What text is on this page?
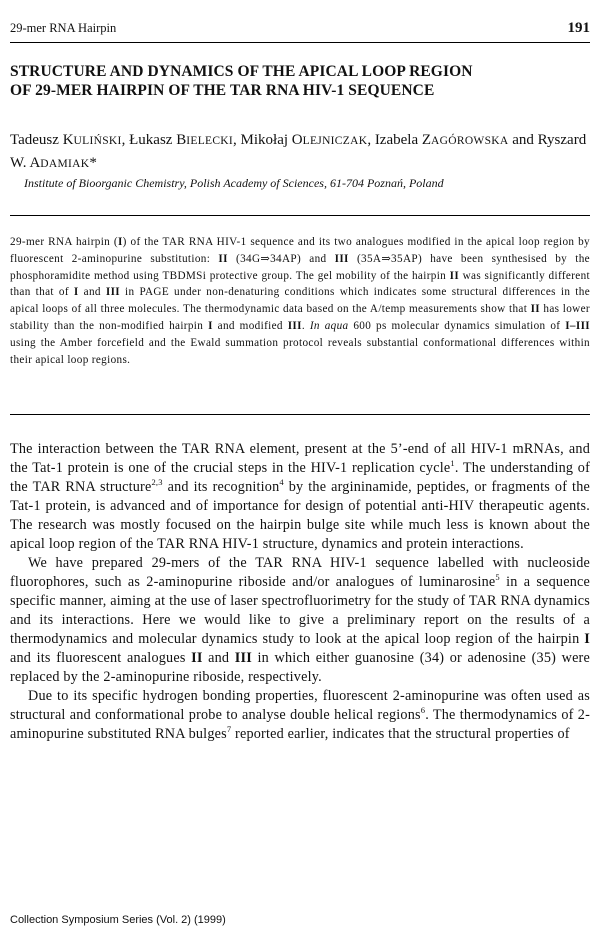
29-mer RNA Hairpin	191
STRUCTURE AND DYNAMICS OF THE APICAL LOOP REGION
OF 29-MER HAIRPIN OF THE TAR RNA HIV-1 SEQUENCE
Tadeusz KULIŃSKI, Łukasz BIELECKI, Mikołaj OLEJNICZAK, Izabela ZAGÓROWSKA and Ryszard W. ADAMIAK*
Institute of Bioorganic Chemistry, Polish Academy of Sciences, 61-704 Poznań, Poland
29-mer RNA hairpin (I) of the TAR RNA HIV-1 sequence and its two analogues modified in the apical loop region by fluorescent 2-aminopurine substitution: II (34G⇒34AP) and III (35A⇒35AP) have been synthesised by the phosphoramidite method using TBDMSi protective group. The gel mobility of the hairpin II was significantly different than that of I and III in PAGE under non-denaturing conditions which indicates some structural differences in the apical loops of all three molecules. The thermodynamic data based on the A/temp measurements show that II has lower stability than the non-modified hairpin I and modified III. In aqua 600 ps molecular dynamics simulation of I–III using the Amber forcefield and the Ewald summation protocol reveals substantial conformational differences within their apical loop regions.

The interaction between the TAR RNA element, present at the 5’-end of all HIV-1 mRNAs, and the Tat-1 protein is one of the crucial steps in the HIV-1 replication cycle$^1$. The understanding of the TAR RNA structure$^{2,3}$ and its recognition$^4$ by the argininamide, peptides, or fragments of the Tat-1 protein, is advanced and of importance for design of potential anti-HIV therapeutic agents. The research was mostly focused on the hairpin bulge site while much less is known about the apical loop region of the TAR RNA HIV-1 structure, dynamics and protein interactions.

We have prepared 29-mers of the TAR RNA HIV-1 sequence labelled with nucleoside fluorophores, such as 2-aminopurine riboside and/or analogues of luminarosine$^5$ in a sequence specific manner, aiming at the use of laser spectrofluorimetry for the study of TAR RNA dynamics and its interactions. Here we would like to give a preliminary report on the results of a thermodynamics and molecular dynamics study to look at the apical loop region of the hairpin I and its fluorescent analogues II and III in which either guanosine (34) or adenosine (35) were replaced by the 2-aminopurine riboside, respectively.

Due to its specific hydrogen bonding properties, fluorescent 2-aminopurine was often used as structural and conformational probe to analyse double helical regions$^6$. The thermodynamics of 2-aminopurine substituted RNA bulges$^7$ reported earlier, indicates that the structural properties of

Collection Symposium Series (Vol. 2) (1999)
